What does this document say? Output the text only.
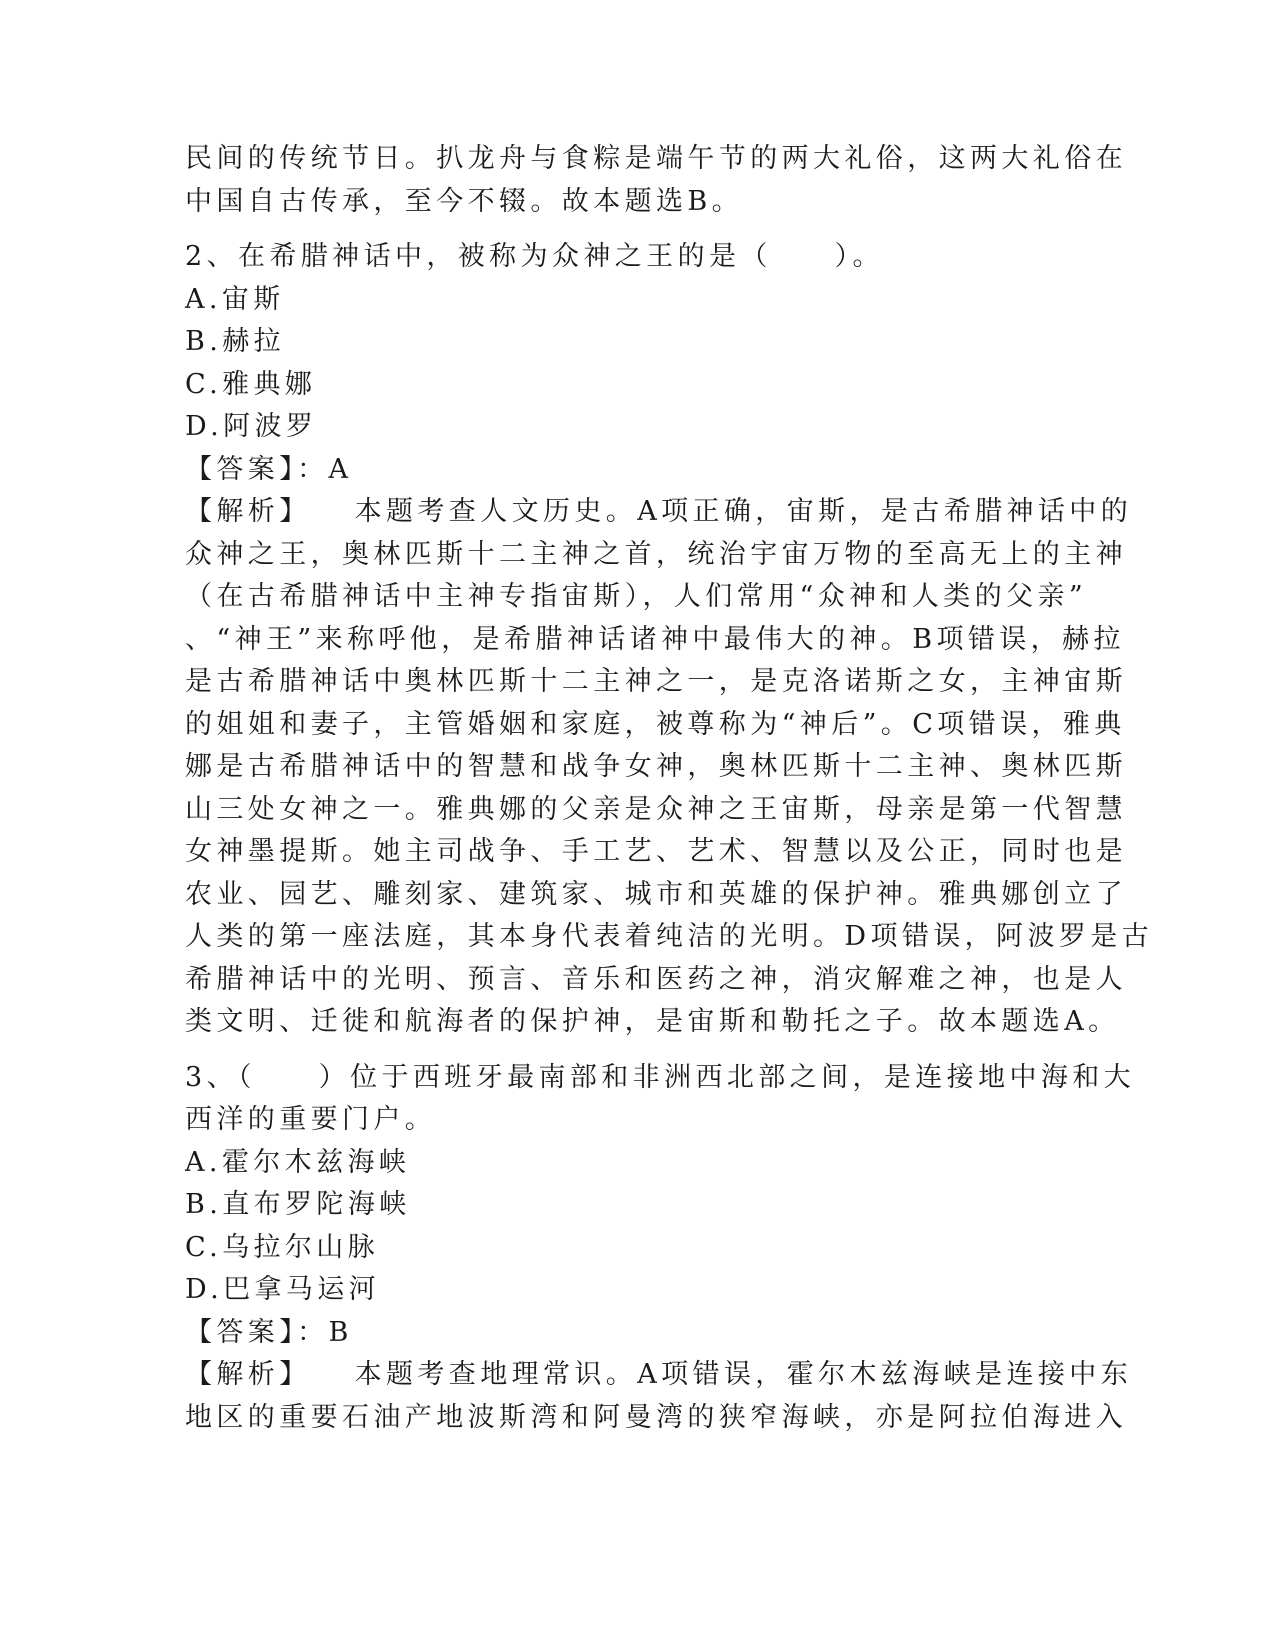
民间的传统节日。扒龙舟与食粽是端午节的两大礼俗，这两大礼俗在
中国自古传承，至今不辍。故本题选B。
2、在希腊神话中，被称为众神之王的是（　　）。
A.宙斯
B.赫拉
C.雅典娜
D.阿波罗
【答案】：A
【解析】 本题考查人文历史。A项正确，宙斯，是古希腊神话中的
众神之王，奥林匹斯十二主神之首，统治宇宙万物的至高无上的主神
（在古希腊神话中主神专指宙斯），人们常用“众神和人类的父亲”
、“神王”来称呼他，是希腊神话诸神中最伟大的神。B项错误，赫拉
是古希腊神话中奥林匹斯十二主神之一，是克洛诺斯之女，主神宙斯
的姐姐和妻子，主管婚姻和家庭，被尊称为“神后”。C项错误，雅典
娜是古希腊神话中的智慧和战争女神，奥林匹斯十二主神、奥林匹斯
山三处女神之一。雅典娜的父亲是众神之王宙斯，母亲是第一代智慧
女神墨提斯。她主司战争、手工艺、艺术、智慧以及公正，同时也是
农业、园艺、雕刻家、建筑家、城市和英雄的保护神。雅典娜创立了
人类的第一座法庭，其本身代表着纯洁的光明。D项错误，阿波罗是古
希腊神话中的光明、预言、音乐和医药之神，消灾解难之神，也是人
类文明、迁徙和航海者的保护神，是宙斯和勒托之子。故本题选A。
3、（　　）位于西班牙最南部和非洲西北部之间，是连接地中海和大
西洋的重要门户。
A.霍尔木兹海峡
B.直布罗陀海峡
C.乌拉尔山脉
D.巴拿马运河
【答案】：B
【解析】 本题考查地理常识。A项错误，霍尔木兹海峡是连接中东
地区的重要石油产地波斯湾和阿曼湾的狭窄海峡，亦是阿拉伯海进入
